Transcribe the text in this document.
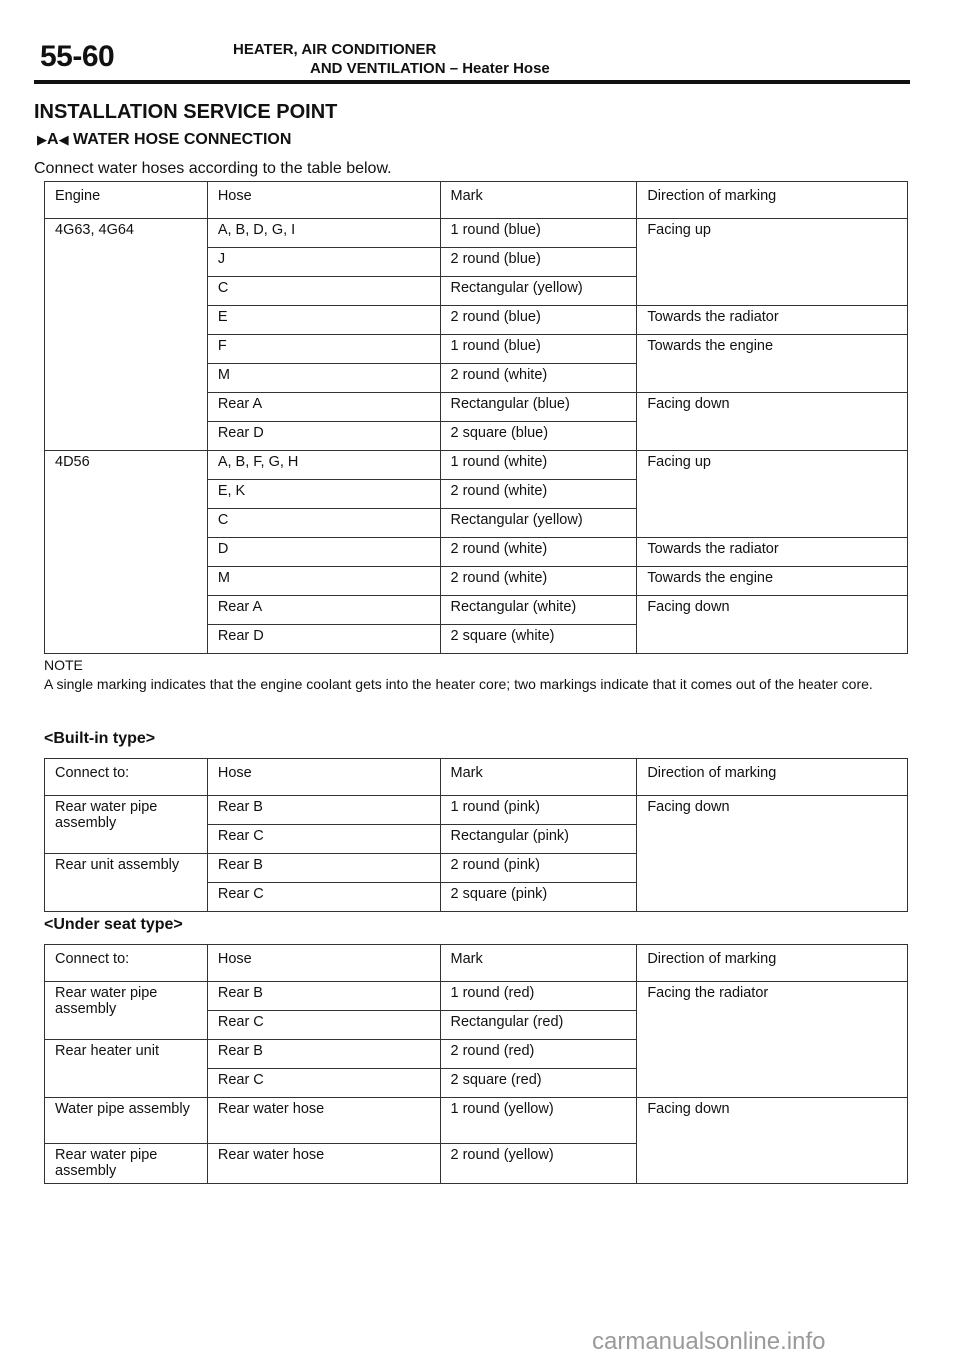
55-60	HEATER, AIR CONDITIONER
AND VENTILATION – Heater Hose
INSTALLATION SERVICE POINT
▶A◀ WATER HOSE CONNECTION
Connect water hoses according to the table below.
Engine	Hose	Mark	Direction of marking
4G63, 4G64	A, B, D, G, I	1 round (blue)	Facing up
	J	2 round (blue)	
	C	Rectangular (yellow)	
	E	2 round (blue)	Towards the radiator
	F	1 round (blue)	Towards the engine
	M	2 round (white)	
	Rear A	Rectangular (blue)	Facing down
	Rear D	2 square (blue)	
4D56	A, B, F, G, H	1 round (white)	Facing up
	E, K	2 round (white)	
	C	Rectangular (yellow)	
	D	2 round (white)	Towards the radiator
	M	2 round (white)	Towards the engine
	Rear A	Rectangular (white)	Facing down
	Rear D	2 square (white)	
NOTE
A single marking indicates that the engine coolant gets into the heater core; two markings indicate that it comes out of the heater core.
<Built-in type>
Connect to:	Hose	Mark	Direction of marking
Rear water pipe assembly	Rear B	1 round (pink)	Facing down
	Rear C	Rectangular (pink)	
Rear unit assembly	Rear B	2 round (pink)	
	Rear C	2 square (pink)	
<Under seat type>
Connect to:	Hose	Mark	Direction of marking
Rear water pipe assembly	Rear B	1 round (red)	Facing the radiator
	Rear C	Rectangular (red)	
Rear heater unit	Rear B	2 round (red)	
	Rear C	2 square (red)	
Water pipe assembly	Rear water hose	1 round (yellow)	Facing down
Rear water pipe assembly	Rear water hose	2 round (yellow)	
carmanualsonline.info
